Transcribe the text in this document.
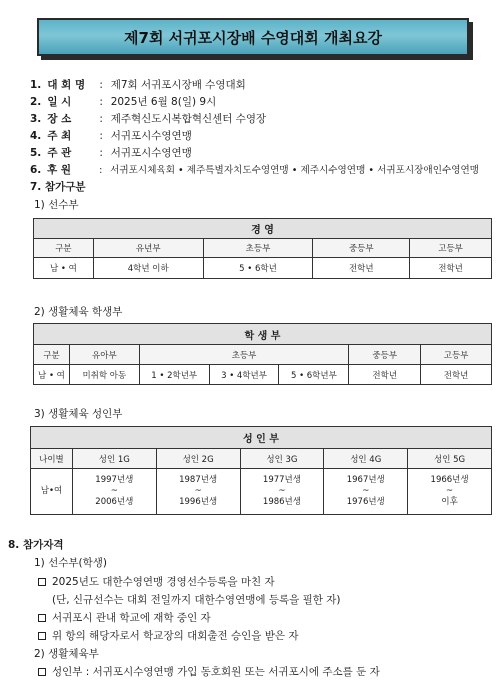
제7회 서귀포시장배 수영대회 개최요강
1. 대 회 명 : 제7회 서귀포시장배 수영대회
2. 일 시	: 2025년 6월 8(일) 9시
3. 장 소	: 제주혁신도시복합혁신센터 수영장
4. 주 최	: 서귀포시수영연맹
5. 주 관	: 서귀포시수영연맹
6. 후 원	: 서귀포시체육회 • 제주특별자치도수영연맹 • 제주시수영연맹 • 서귀포시장애인수영연맹
7. 참가구분
1) 선수부
경 영				
구분	유년부	초등부	중등부	고등부
남 • 여	4학년 이하	5 • 6학년	전학년	전학년
2) 생활체육 학생부
학 생 부						
구분	유아부	초등부			중등부	고등부
남 • 여	미취학 아동	1 • 2학년부	3 • 4학년부	5 • 6학년부	전학년	전학년
3) 생활체육 성인부
성 인 부					
나이별	성인 1G	성인 2G	성인 3G	성인 4G	성인 5G
남•여	1997년생 ~ 2006년생	1987년생 ~ 1996년생	1977년생 ~ 1986년생	1967년생 ~ 1976년생	1966년생 ~ 이후
8. 참가자격
1) 선수부(학생)
2025년도 대한수영연맹 경영선수등록을 마친 자
(단, 신규선수는 대회 전일까지 대한수영연맹에 등록을 필한 자)
서귀포시 관내 학교에 재학 중인 자
위 항의 해당자로서 학교장의 대회출전 승인을 받은 자
2) 생활체육부
성인부 : 서귀포시수영연맹 가입 동호회원 또는 서귀포시에 주소를 둔 자
